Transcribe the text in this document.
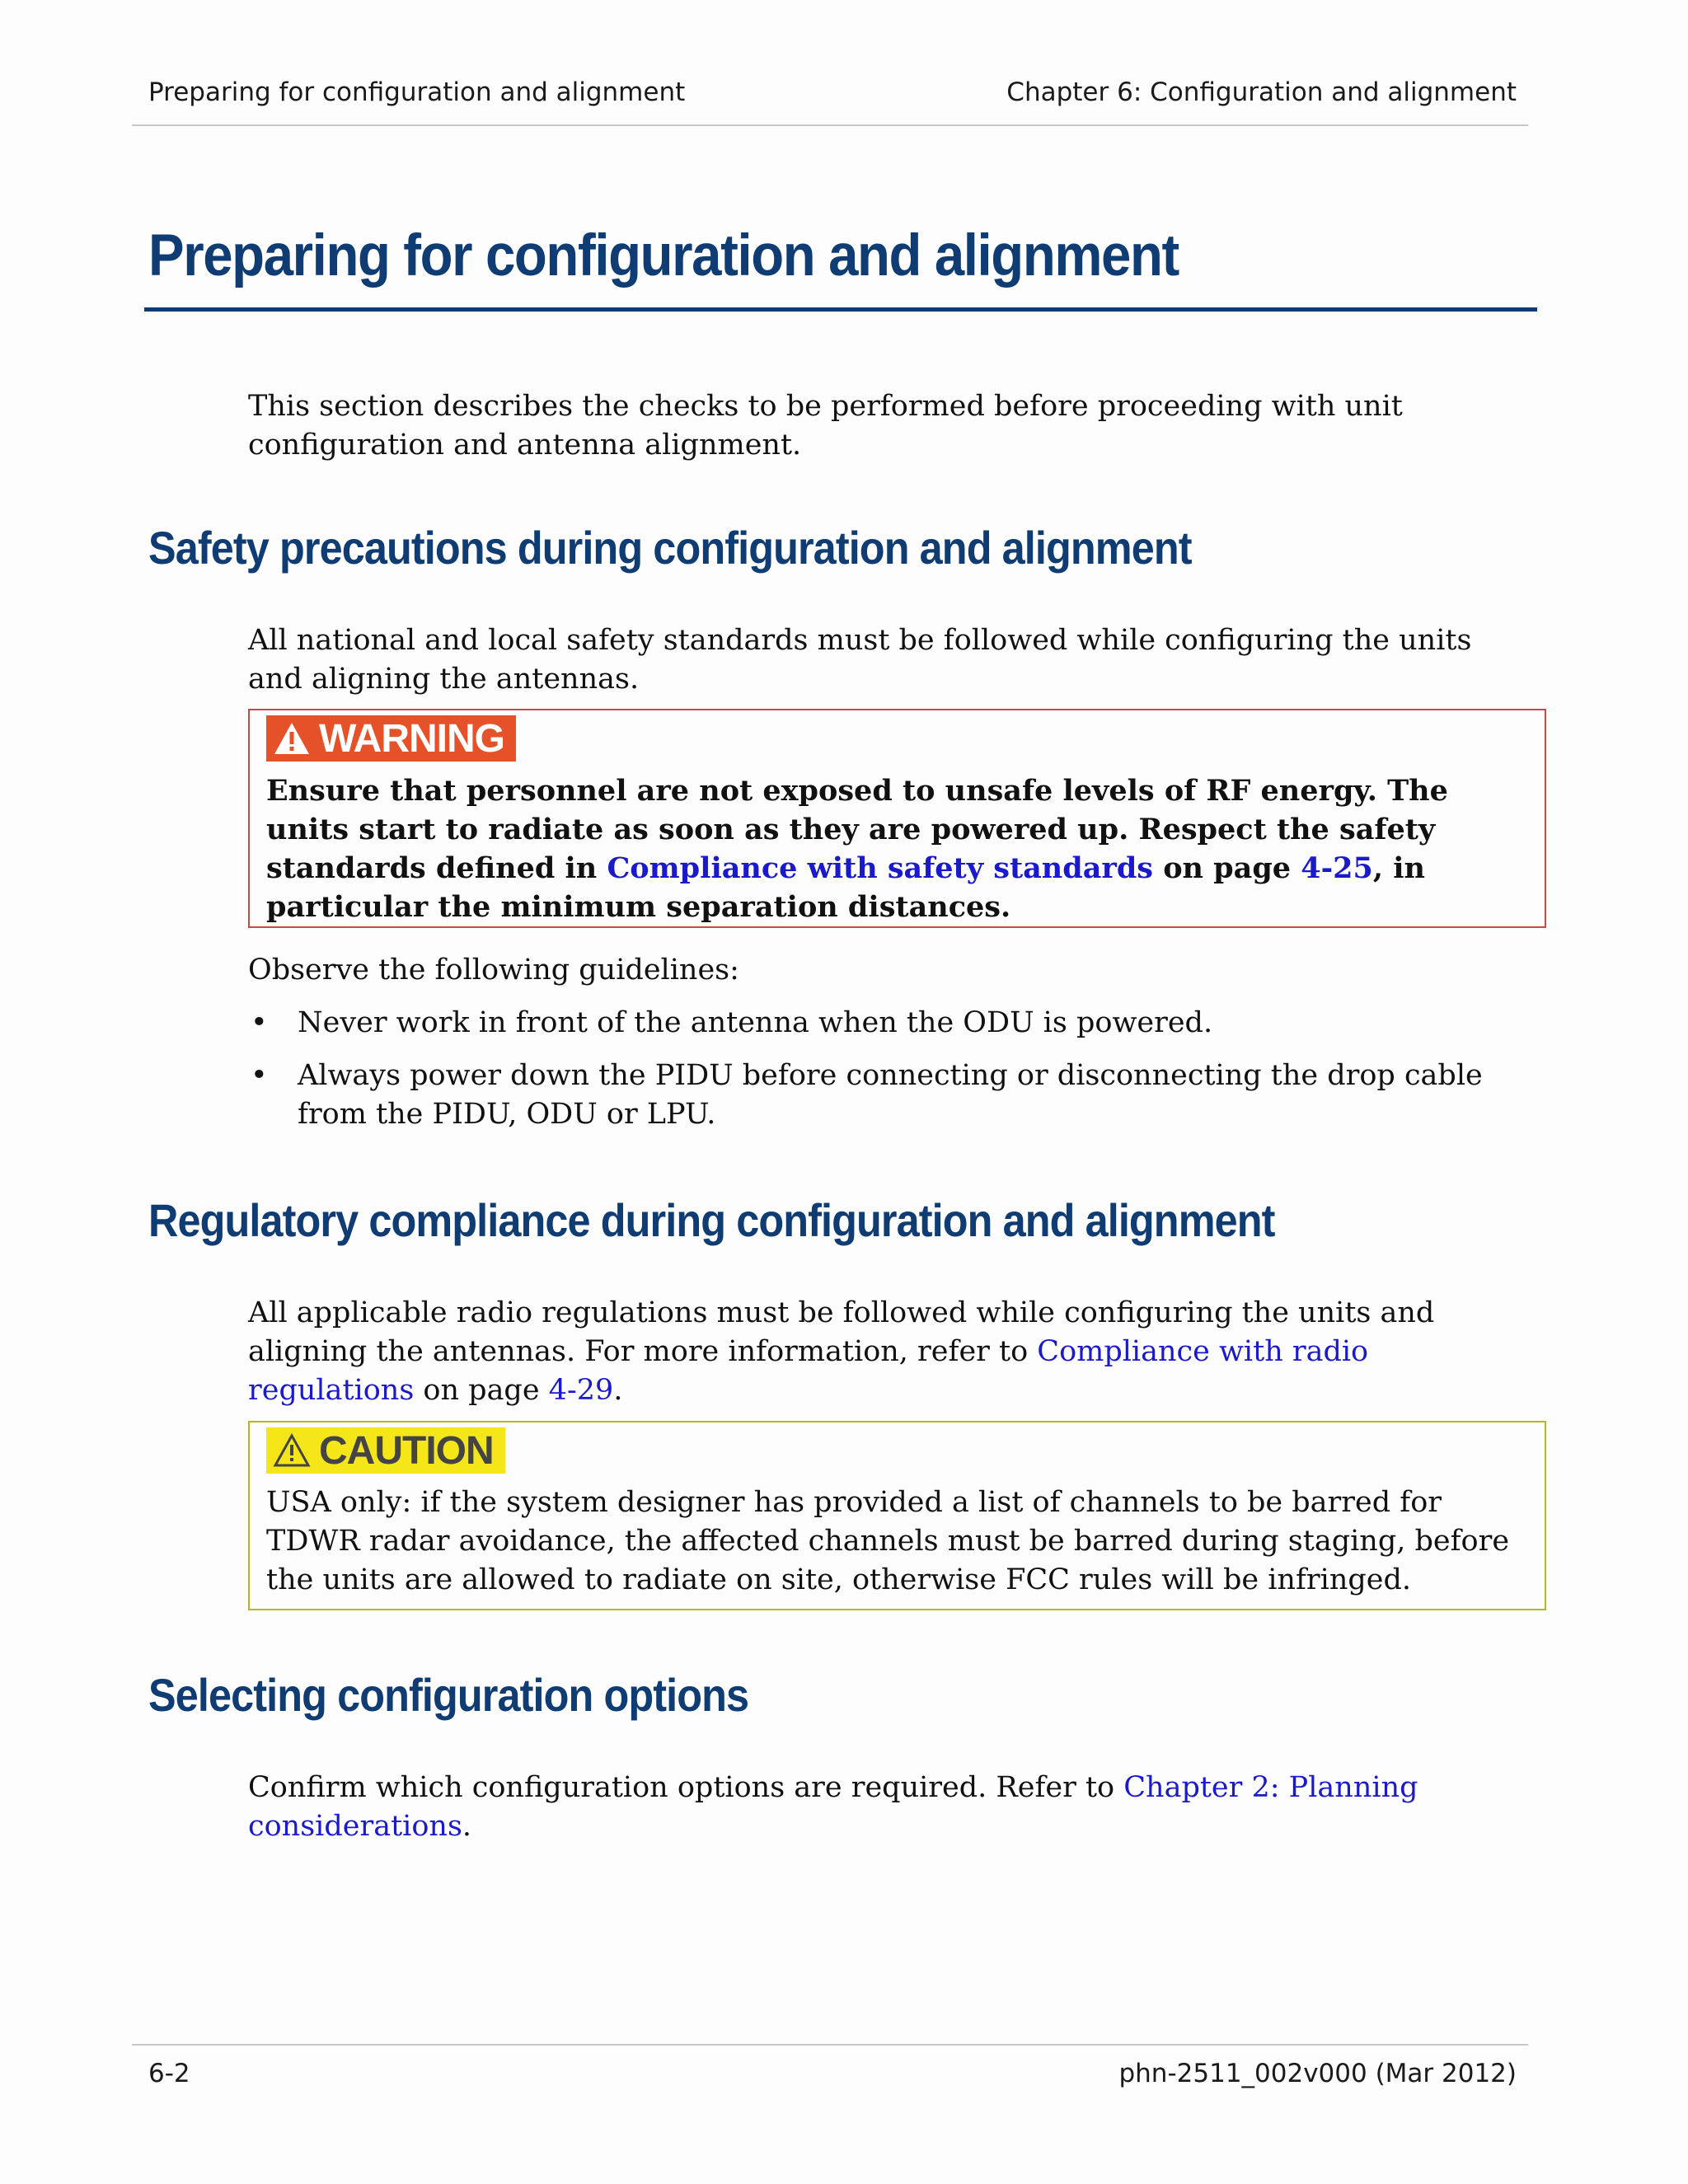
Preparing for configuration and alignment	Chapter 6: Configuration and alignment
Preparing for configuration and alignment

This section describes the checks to be performed before proceeding with unit configuration and antenna alignment.

Safety precautions during configuration and alignment

All national and local safety standards must be followed while configuring the units and aligning the antennas.

WARNING
Ensure that personnel are not exposed to unsafe levels of RF energy. The units start to radiate as soon as they are powered up. Respect the safety standards defined in Compliance with safety standards on page 4-25, in particular the minimum separation distances.

Observe the following guidelines:

• Never work in front of the antenna when the ODU is powered.
• Always power down the PIDU before connecting or disconnecting the drop cable from the PIDU, ODU or LPU.
Regulatory compliance during configuration and alignment

All applicable radio regulations must be followed while configuring the units and aligning the antennas. For more information, refer to Compliance with radio regulations on page 4-29.

CAUTION
USA only: if the system designer has provided a list of channels to be barred for TDWR radar avoidance, the affected channels must be barred during staging, before the units are allowed to radiate on site, otherwise FCC rules will be infringed.
Selecting configuration options

Confirm which configuration options are required. Refer to Chapter 2: Planning considerations.

6-2	phn-2511_002v000 (Mar 2012)
